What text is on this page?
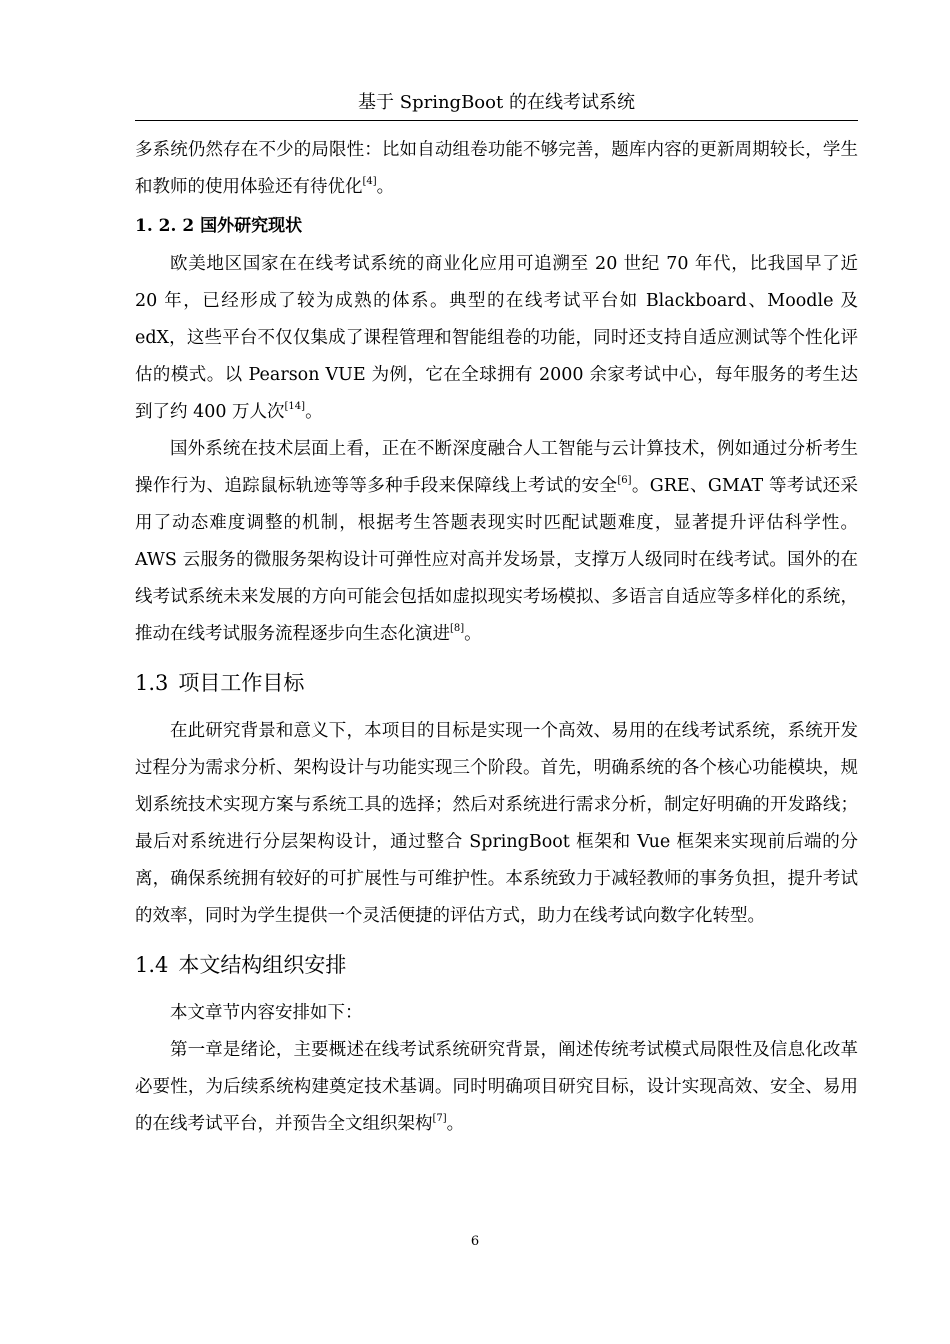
基于 SpringBoot 的在线考试系统

多系统仍然存在不少的局限性：比如自动组卷功能不够完善，题库内容的更新周期较长，学生和教师的使用体验还有待优化[4]。

1. 2. 2 国外研究现状

欧美地区国家在在线考试系统的商业化应用可追溯至 20 世纪 70 年代，比我国早了近 20 年，已经形成了较为成熟的体系。典型的在线考试平台如 Blackboard、Moodle 及 edX，这些平台不仅仅集成了课程管理和智能组卷的功能，同时还支持自适应测试等个性化评估的模式。以 Pearson VUE 为例，它在全球拥有 2000 余家考试中心，每年服务的考生达到了约 400 万人次[14]。

国外系统在技术层面上看，正在不断深度融合人工智能与云计算技术，例如通过分析考生操作行为、追踪鼠标轨迹等等多种手段来保障线上考试的安全[6]。GRE、GMAT 等考试还采用了动态难度调整的机制，根据考生答题表现实时匹配试题难度，显著提升评估科学性。AWS 云服务的微服务架构设计可弹性应对高并发场景，支撑万人级同时在线考试。国外的在线考试系统未来发展的方向可能会包括如虚拟现实考场模拟、多语言自适应等多样化的系统，推动在线考试服务流程逐步向生态化演进[8]。

1.3 项目工作目标

在此研究背景和意义下，本项目的目标是实现一个高效、易用的在线考试系统，系统开发过程分为需求分析、架构设计与功能实现三个阶段。首先，明确系统的各个核心功能模块，规划系统技术实现方案与系统工具的选择；然后对系统进行需求分析，制定好明确的开发路线；最后对系统进行分层架构设计，通过整合 SpringBoot 框架和 Vue 框架来实现前后端的分离，确保系统拥有较好的可扩展性与可维护性。本系统致力于减轻教师的事务负担，提升考试的效率，同时为学生提供一个灵活便捷的评估方式，助力在线考试向数字化转型。

1.4 本文结构组织安排

本文章节内容安排如下：

第一章是绪论，主要概述在线考试系统研究背景，阐述传统考试模式局限性及信息化改革必要性，为后续系统构建奠定技术基调。同时明确项目研究目标，设计实现高效、安全、易用的在线考试平台，并预告全文组织架构[7]。

6
